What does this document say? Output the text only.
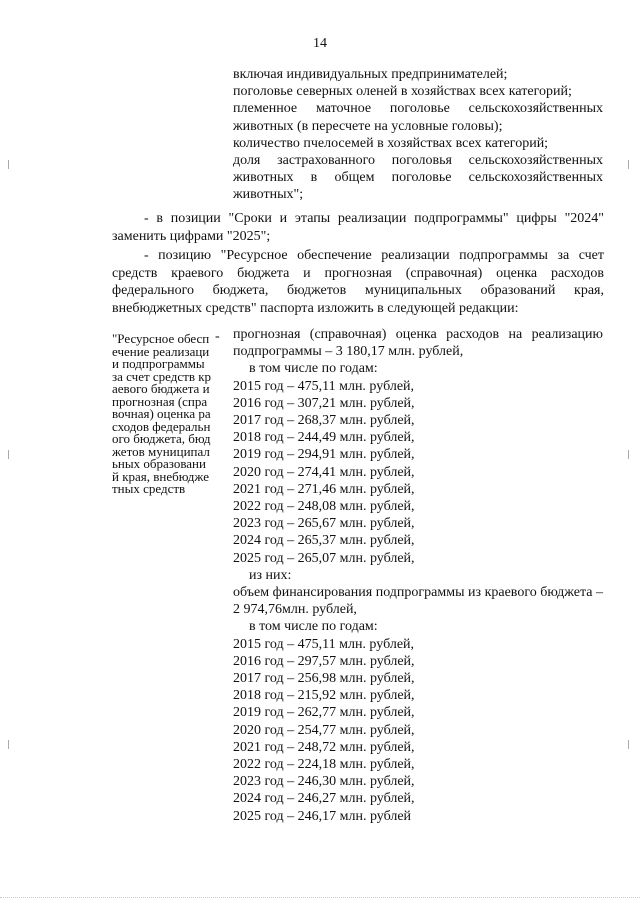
14
включая индивидуальных предпринимателей;
поголовье северных оленей в хозяйствах всех категорий;
племенное маточное поголовье сельскохозяйственных животных (в пересчете на условные головы);
количество пчелосемей в хозяйствах всех категорий;
доля застрахованного поголовья сельскохозяйственных животных в общем поголовье сельскохозяйственных животных";
- в позиции "Сроки и этапы реализации подпрограммы" цифры "2024" заменить цифрами "2025";
- позицию "Ресурсное обеспечение реализации подпрограммы за счет средств краевого бюджета и прогнозная (справочная) оценка расходов федерального бюджета, бюджетов муниципальных образований края, внебюджетных средств" паспорта изложить в следующей редакции:
"Ресурсное обеспечение реализации подпрограммы за счет средств краевого бюджета и прогнозная (справочная) оценка расходов федерального бюджета, бюджетов муниципальных образований края, внебюджетных средств
- прогнозная (справочная) оценка расходов на реализацию подпрограммы – 3 180,17 млн. рублей,
в том числе по годам:
2015 год – 475,11 млн. рублей,
2016 год – 307,21 млн. рублей,
2017 год – 268,37 млн. рублей,
2018 год – 244,49 млн. рублей,
2019 год – 294,91 млн. рублей,
2020 год – 274,41 млн. рублей,
2021 год – 271,46 млн. рублей,
2022 год – 248,08 млн. рублей,
2023 год – 265,67 млн. рублей,
2024 год – 265,37 млн. рублей,
2025 год – 265,07 млн. рублей,
из них:
объем финансирования подпрограммы из краевого бюджета – 2 974,76млн. рублей,
в том числе по годам:
2015 год – 475,11 млн. рублей,
2016 год – 297,57 млн. рублей,
2017 год – 256,98 млн. рублей,
2018 год – 215,92 млн. рублей,
2019 год – 262,77 млн. рублей,
2020 год – 254,77 млн. рублей,
2021 год – 248,72 млн. рублей,
2022 год – 224,18 млн. рублей,
2023 год – 246,30 млн. рублей,
2024 год – 246,27 млн. рублей,
2025 год – 246,17 млн. рублей
